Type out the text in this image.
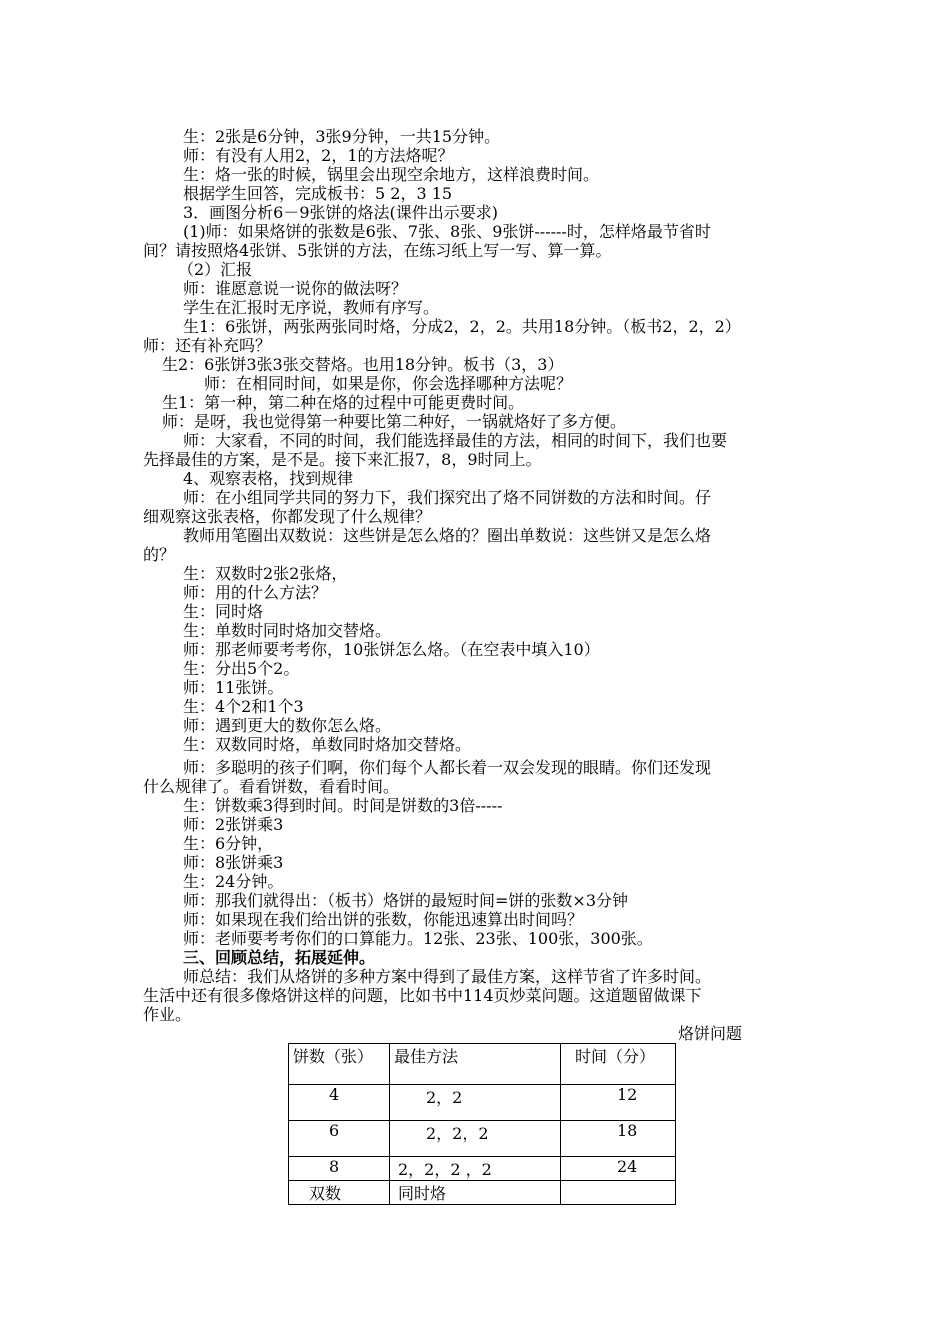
生：2张是6分钟，3张9分钟，一共15分钟。
师：有没有人用2，2，1的方法烙呢？
生：烙一张的时候，锅里会出现空余地方，这样浪费时间。
根据学生回答，完成板书：5 2，3 15
3．画图分析6－9张饼的烙法(课件出示要求)
(1)师：如果烙饼的张数是6张、7张、8张、9张饼------时，怎样烙最节省时
间？请按照烙4张饼、5张饼的方法，在练习纸上写一写、算一算。
（2）汇报
师：谁愿意说一说你的做法呀？
学生在汇报时无序说，教师有序写。
生1：6张饼，两张两张同时烙，分成2，2，2。共用18分钟。（板书2，2，2）
师：还有补充吗？
生2：6张饼3张3张交替烙。也用18分钟。板书（3，3）
师：在相同时间，如果是你，你会选择哪种方法呢？
生1：第一种，第二种在烙的过程中可能更费时间。
师：是呀，我也觉得第一种要比第二种好，一锅就烙好了多方便。
师：大家看，不同的时间，我们能选择最佳的方法，相同的时间下，我们也要
先择最佳的方案，是不是。接下来汇报7，8，9时同上。
4、观察表格，找到规律
师：在小组同学共同的努力下，我们探究出了烙不同饼数的方法和时间。仔
细观察这张表格，你都发现了什么规律？
教师用笔圈出双数说：这些饼是怎么烙的？圈出单数说：这些饼又是怎么烙
的？
生：双数时2张2张烙，
师：用的什么方法？
生：同时烙
生：单数时同时烙加交替烙。
师：那老师要考考你，10张饼怎么烙。（在空表中填入10）
生：分出5个2。
师：11张饼。
生：4个2和1个3
师：遇到更大的数你怎么烙。
生：双数同时烙，单数同时烙加交替烙。
师：多聪明的孩子们啊，你们每个人都长着一双会发现的眼睛。你们还发现
什么规律了。看看饼数，看看时间。
生：饼数乘3得到时间。时间是饼数的3倍-----
师：2张饼乘3
生：6分钟，
师：8张饼乘3
生：24分钟。
师：那我们就得出：（板书）烙饼的最短时间=饼的张数×3分钟
师：如果现在我们给出饼的张数，你能迅速算出时间吗？
师：老师要考考你们的口算能力。12张、23张、100张，300张。
三、回顾总结，拓展延伸。
师总结：我们从烙饼的多种方案中得到了最佳方案，这样节省了许多时间。
生活中还有很多像烙饼这样的问题，比如书中114页炒菜问题。这道题留做课下
作业。
烙饼问题
饼数（张）	最佳方法	时间（分）
4	2，2	12
6	2，2，2	18
8	2，2，2 ，2	24
双数	同时烙	
